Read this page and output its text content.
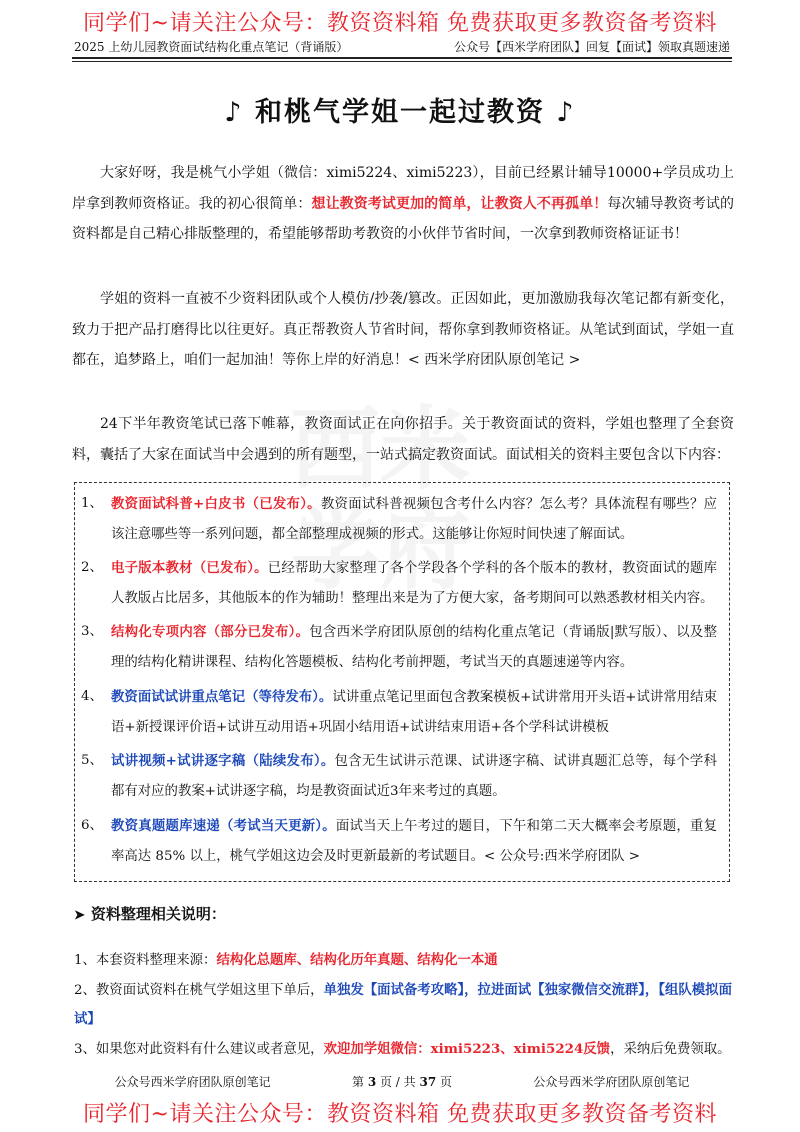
同学们~请关注公众号：教资资料箱 免费获取更多教资备考资料
2025 上幼儿园教资面试结构化重点笔记（背诵版）	公众号【西米学府团队】回复【面试】领取真题速递
♪ 和桃气学姐一起过教资 ♪
大家好呀，我是桃气小学姐（微信：ximi5224、ximi5223），目前已经累计辅导10000+学员成功上岸拿到教师资格证。我的初心很简单：想让教资考试更加的简单，让教资人不再孤单！每次辅导教资考试的资料都是自己精心排版整理的，希望能够帮助考教资的小伙伴节省时间，一次拿到教师资格证证书！
学姐的资料一直被不少资料团队或个人模仿/抄袭/篡改。正因如此，更加激励我每次笔记都有新变化，致力于把产品打磨得比以往更好。真正帮教资人节省时间，帮你拿到教师资格证。从笔试到面试，学姐一直都在，追梦路上，咱们一起加油！等你上岸的好消息！< 西米学府团队原创笔记 >
24下半年教资笔试已落下帷幕，教资面试正在向你招手。关于教资面试的资料，学姐也整理了全套资料，囊括了大家在面试当中会遇到的所有题型，一站式搞定教资面试。面试相关的资料主要包含以下内容：
1、 教资面试科普+白皮书（已发布）。教资面试科普视频包含考什么内容？怎么考？具体流程有哪些？应该注意哪些等一系列问题，都全部整理成视频的形式。这能够让你短时间快速了解面试。
2、 电子版本教材（已发布）。已经帮助大家整理了各个学段各个学科的各个版本的教材，教资面试的题库人教版占比居多，其他版本的作为辅助！整理出来是为了方便大家，备考期间可以熟悉教材相关内容。
3、 结构化专项内容（部分已发布）。包含西米学府团队原创的结构化重点笔记（背诵版|默写版）、以及整理的结构化精讲课程、结构化答题模板、结构化考前押题，考试当天的真题速递等内容。
4、 教资面试试讲重点笔记（等待发布）。试讲重点笔记里面包含教案模板+试讲常用开头语+试讲常用结束语+新授课评价语+试讲互动用语+巩固小结用语+试讲结束用语+各个学科试讲模板
5、 试讲视频+试讲逐字稿（陆续发布）。包含无生试讲示范课、试讲逐字稿、试讲真题汇总等，每个学科都有对应的教案+试讲逐字稿，均是教资面试近3年来考过的真题。
6、 教资真题题库速递（考试当天更新）。面试当天上午考过的题目，下午和第二天大概率会考原题，重复率高达 85% 以上，桃气学姐这边会及时更新最新的考试题目。< 公众号:西米学府团队 >
➤ 资料整理相关说明：
1、本套资料整理来源：结构化总题库、结构化历年真题、结构化一本通
2、教资面试资料在桃气学姐这里下单后，单独发【面试备考攻略】，拉进面试【独家微信交流群】，【组队模拟面试】
3、如果您对此资料有什么建议或者意见，欢迎加学姐微信：ximi5223、ximi5224反馈，采纳后免费领取。
公众号西米学府团队原创笔记	第 3 页 / 共 37 页	公众号西米学府团队原创笔记
同学们~请关注公众号：教资资料箱 免费获取更多教资备考资料
